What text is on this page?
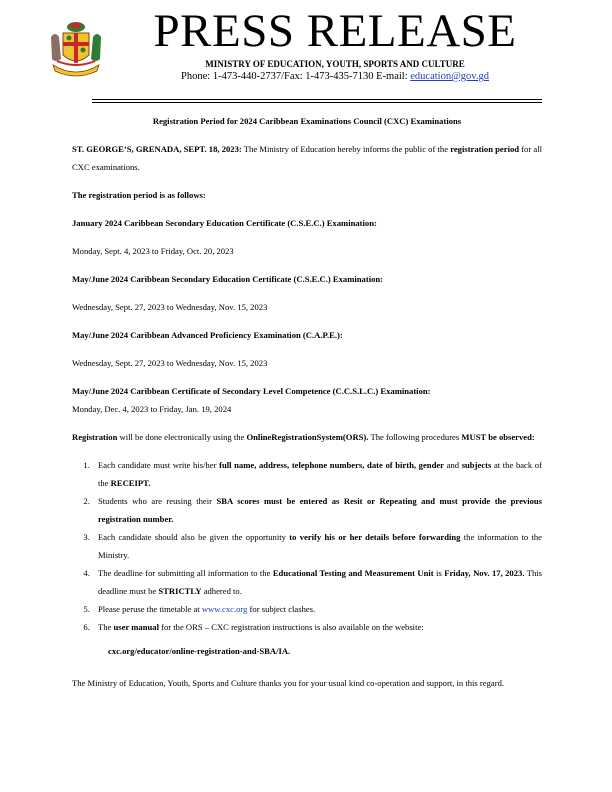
PRESS RELEASE
MINISTRY OF EDUCATION, YOUTH, SPORTS AND CULTURE
Phone: 1-473-440-2737/Fax: 1-473-435-7130 E-mail: education@gov.gd

Registration Period for 2024 Caribbean Examinations Council (CXC) Examinations

ST. GEORGE’S, GRENADA, SEPT. 18, 2023: The Ministry of Education hereby informs the public of the registration period for all CXC examinations.

The registration period is as follows:

January 2024 Caribbean Secondary Education Certificate (C.S.E.C.) Examination:

Monday, Sept. 4, 2023 to Friday, Oct. 20, 2023

May/June 2024 Caribbean Secondary Education Certificate (C.S.E.C.) Examination:

Wednesday, Sept. 27, 2023 to Wednesday, Nov. 15, 2023

May/June 2024 Caribbean Advanced Proficiency Examination (C.A.P.E.):

Wednesday, Sept. 27, 2023 to Wednesday, Nov. 15, 2023

May/June 2024 Caribbean Certificate of Secondary Level Competence (C.C.S.L.C.) Examination:
Monday, Dec. 4, 2023 to Friday, Jan. 19, 2024

Registration will be done electronically using the OnlineRegistrationSystem(ORS). The following procedures MUST be observed:

1. Each candidate must write his/her full name, address, telephone numbers, date of birth, gender and subjects at the back of the RECEIPT.
2. Students who are reusing their SBA scores must be entered as Resit or Repeating and must provide the previous registration number.
3. Each candidate should also be given the opportunity to verify his or her details before forwarding the information to the Ministry.
4. The deadline for submitting all information to the Educational Testing and Measurement Unit is Friday, Nov. 17, 2023. This deadline must be STRICTLY adhered to.
5. Please peruse the timetable at www.cxc.org for subject clashes.
6. The user manual for the ORS – CXC registration instructions is also available on the website:
cxc.org/educator/online-registration-and-SBA/IA.

The Ministry of Education, Youth, Sports and Culture thanks you for your usual kind co-operation and support, in this regard.
